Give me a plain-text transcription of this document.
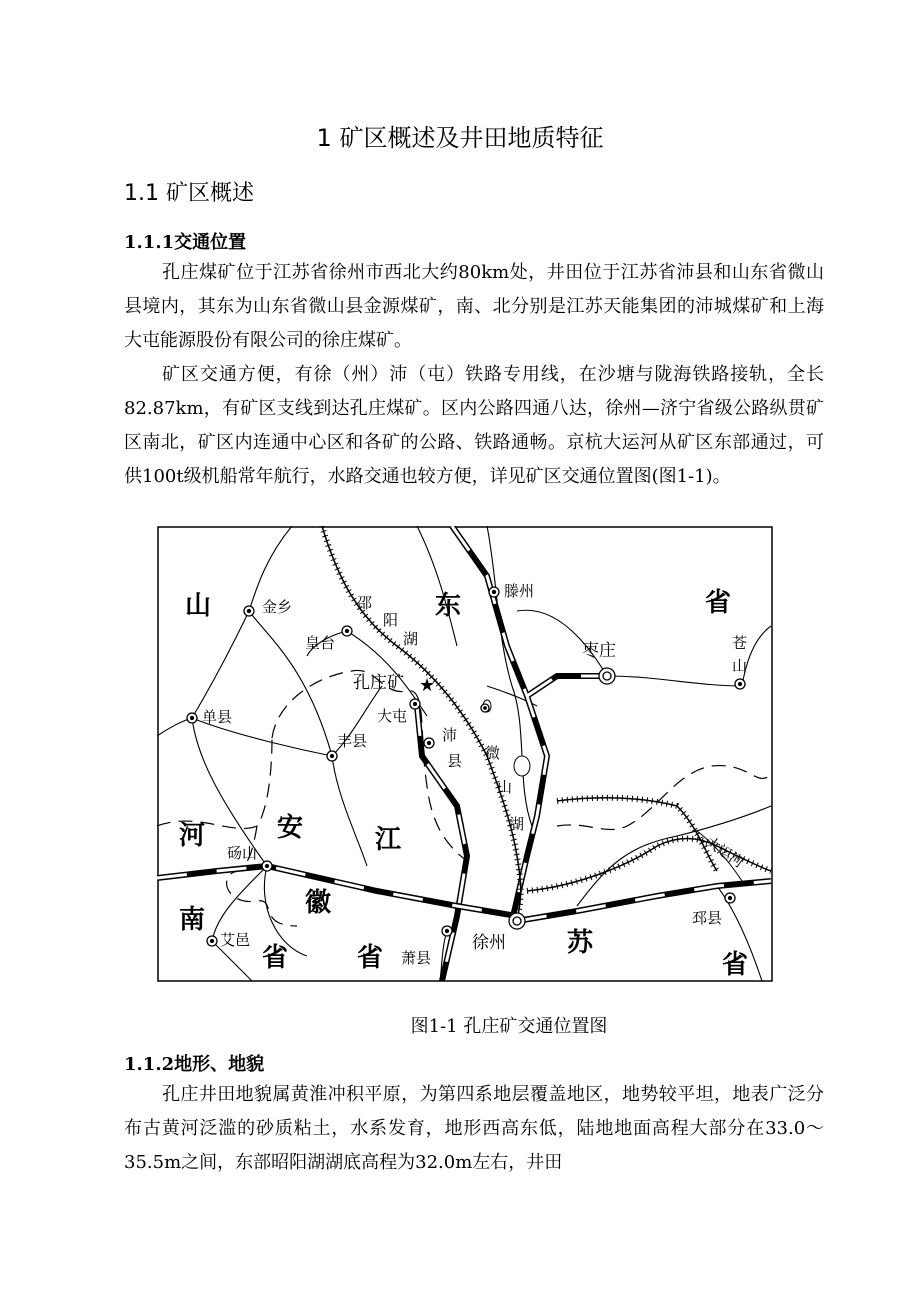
1 矿区概述及井田地质特征
1.1 矿区概述
1.1.1交通位置

孔庄煤矿位于江苏省徐州市西北大约80km处，井田位于江苏省沛县和山东省微山县境内，其东为山东省微山县金源煤矿，南、北分别是江苏天能集团的沛城煤矿和上海大屯能源股份有限公司的徐庄煤矿。

矿区交通方便，有徐（州）沛（屯）铁路专用线，在沙塘与陇海铁路接轨，全长82.87km，有矿区支线到达孔庄煤矿。区内公路四通八达，徐州—济宁省级公路纵贯矿区南北，矿区内连通中心区和各矿的公路、铁路通畅。京杭大运河从矿区东部通过，可供100t级机船常年航行，水路交通也较方便，详见矿区交通位置图(图1-1)。

★
山	东	省
安	江
徽
省
河
南
省	苏
省
金乡
皇台
孔庄矿
大屯
单县
丰县
砀山
艾邑
萧县
徐州
邳县
滕州
枣庄	苍
山
邵
阳
湖
沛
县 微
山
湖
大运河
图1-1 孔庄矿交通位置图
1.1.2地形、地貌

孔庄井田地貌属黄淮冲积平原，为第四系地层覆盖地区，地势较平坦，地表广泛分布古黄河泛滥的砂质粘土，水系发育，地形西高东低，陆地地面高程大部分在33.0～35.5m之间，东部昭阳湖湖底高程为32.0m左右，井田
